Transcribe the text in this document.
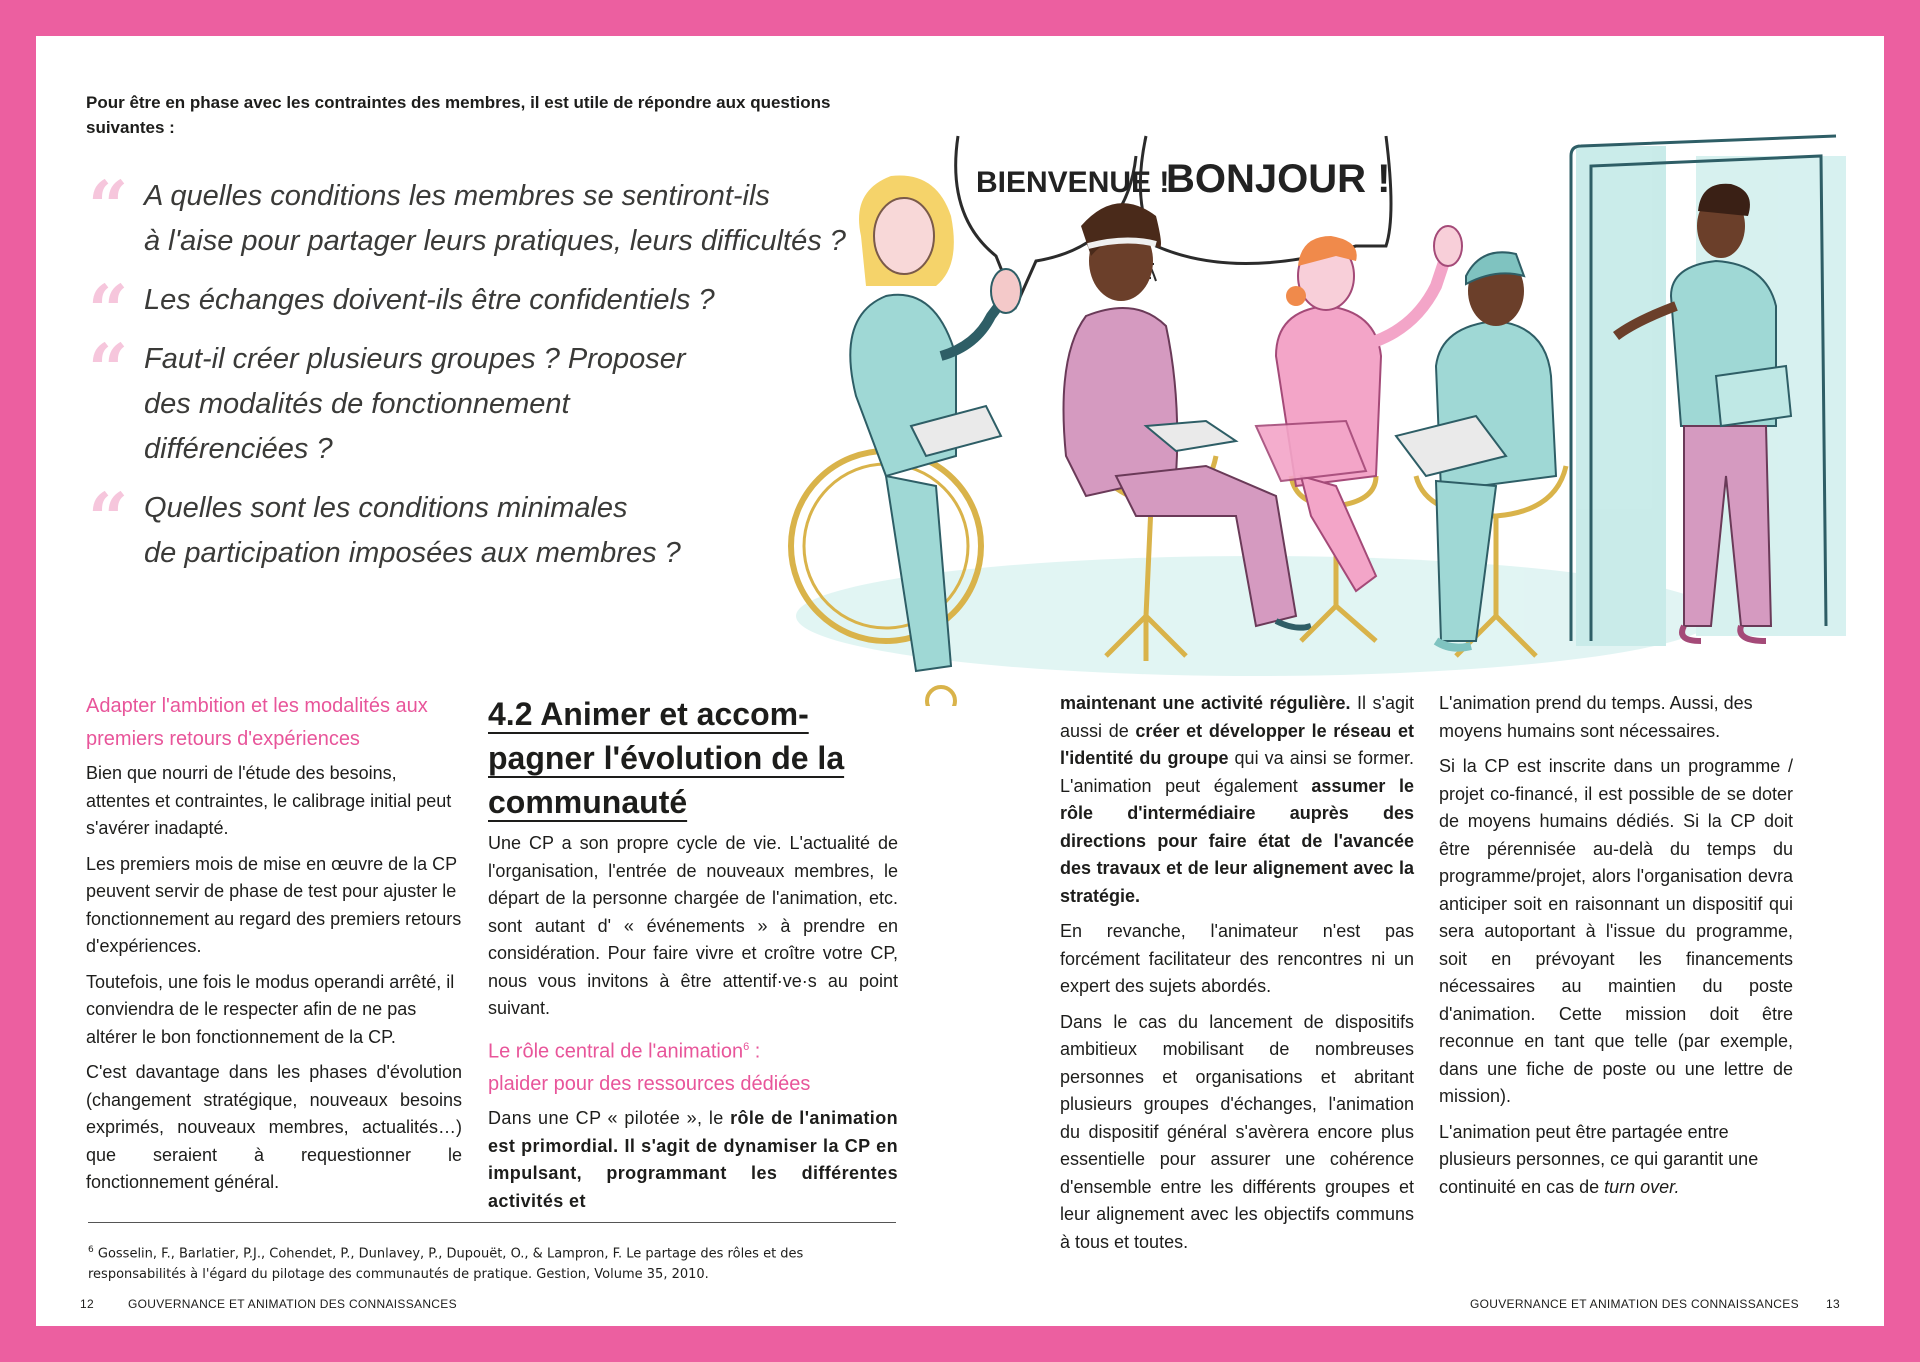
Pour être en phase avec les contraintes des membres, il est utile de répondre aux questions suivantes :
“ A quelles conditions les membres se sentiront-ils
à l'aise pour partager leurs pratiques, leurs difficultés ?
“ Les échanges doivent-ils être confidentiels ?
“ Faut-il créer plusieurs groupes ? Proposer
des modalités de fonctionnement
différenciées ?
“ Quelles sont les conditions minimales
de participation imposées aux membres ?
BIENVENUE !
BONJOUR !
Adapter l'ambition et les modalités aux premiers retours d'expériences

Bien que nourri de l'étude des besoins, attentes et contraintes, le calibrage initial peut s'avérer inadapté.

Les premiers mois de mise en œuvre de la CP peuvent servir de phase de test pour ajuster le fonctionnement au regard des premiers retours d'expériences.

Toutefois, une fois le modus operandi arrêté, il conviendra de le respecter afin de ne pas altérer le bon fonctionnement de la CP.

C'est davantage dans les phases d'évolution (changement stratégique, nouveaux besoins exprimés, nouveaux membres, actualités…) que seraient à requestionner le fonctionnement général.

4.2 Animer et accom-
pagner l'évolution de la
communauté

Une CP a son propre cycle de vie. L'actualité de l'organisation, l'entrée de nouveaux membres, le départ de la personne chargée de l'animation, etc. sont autant d' « événements » à prendre en considération. Pour faire vivre et croître votre CP, nous vous invitons à être attentif·ve·s au point suivant.

Le rôle central de l'animation$^6$ :
plaider pour des ressources dédiées

Dans une CP « pilotée », le rôle de l'animation est primordial. Il s'agit de dynamiser la CP en impulsant, programmant les différentes activités et

maintenant une activité régulière. Il s'agit aussi de créer et développer le réseau et l'identité du groupe qui va ainsi se former. L'animation peut également assumer le rôle d'intermédiaire auprès des directions pour faire état de l'avancée des travaux et de leur alignement avec la stratégie.

En revanche, l'animateur n'est pas forcément facilitateur des rencontres ni un expert des sujets abordés.

Dans le cas du lancement de dispositifs ambitieux mobilisant de nombreuses personnes et organisations et abritant plusieurs groupes d'échanges, l'animation du dispositif général s'avèrera encore plus essentielle pour assurer une cohérence d'ensemble entre les différents groupes et leur alignement avec les objectifs communs à tous et toutes.

L'animation prend du temps. Aussi, des moyens humains sont nécessaires.

Si la CP est inscrite dans un programme / projet co-financé, il est possible de se doter de moyens humains dédiés. Si la CP doit être pérennisée au-delà du temps du programme/projet, alors l'organisation devra anticiper soit en raisonnant un dispositif qui sera autoportant à l'issue du programme, soit en prévoyant les financements nécessaires au maintien du poste d'animation. Cette mission doit être reconnue en tant que telle (par exemple, dans une fiche de poste ou une lettre de mission).

L'animation peut être partagée entre plusieurs personnes, ce qui garantit une continuité en cas de turn over.

$^6$ Gosselin, F., Barlatier, P.J., Cohendet, P., Dunlavey, P., Dupouët, O., & Lampron, F. Le partage des rôles et des responsabilités à l'égard du pilotage des communautés de pratique. Gestion, Volume 35, 2010.
12	GOUVERNANCE ET ANIMATION DES CONNAISSANCES	GOUVERNANCE ET ANIMATION DES CONNAISSANCES 13
